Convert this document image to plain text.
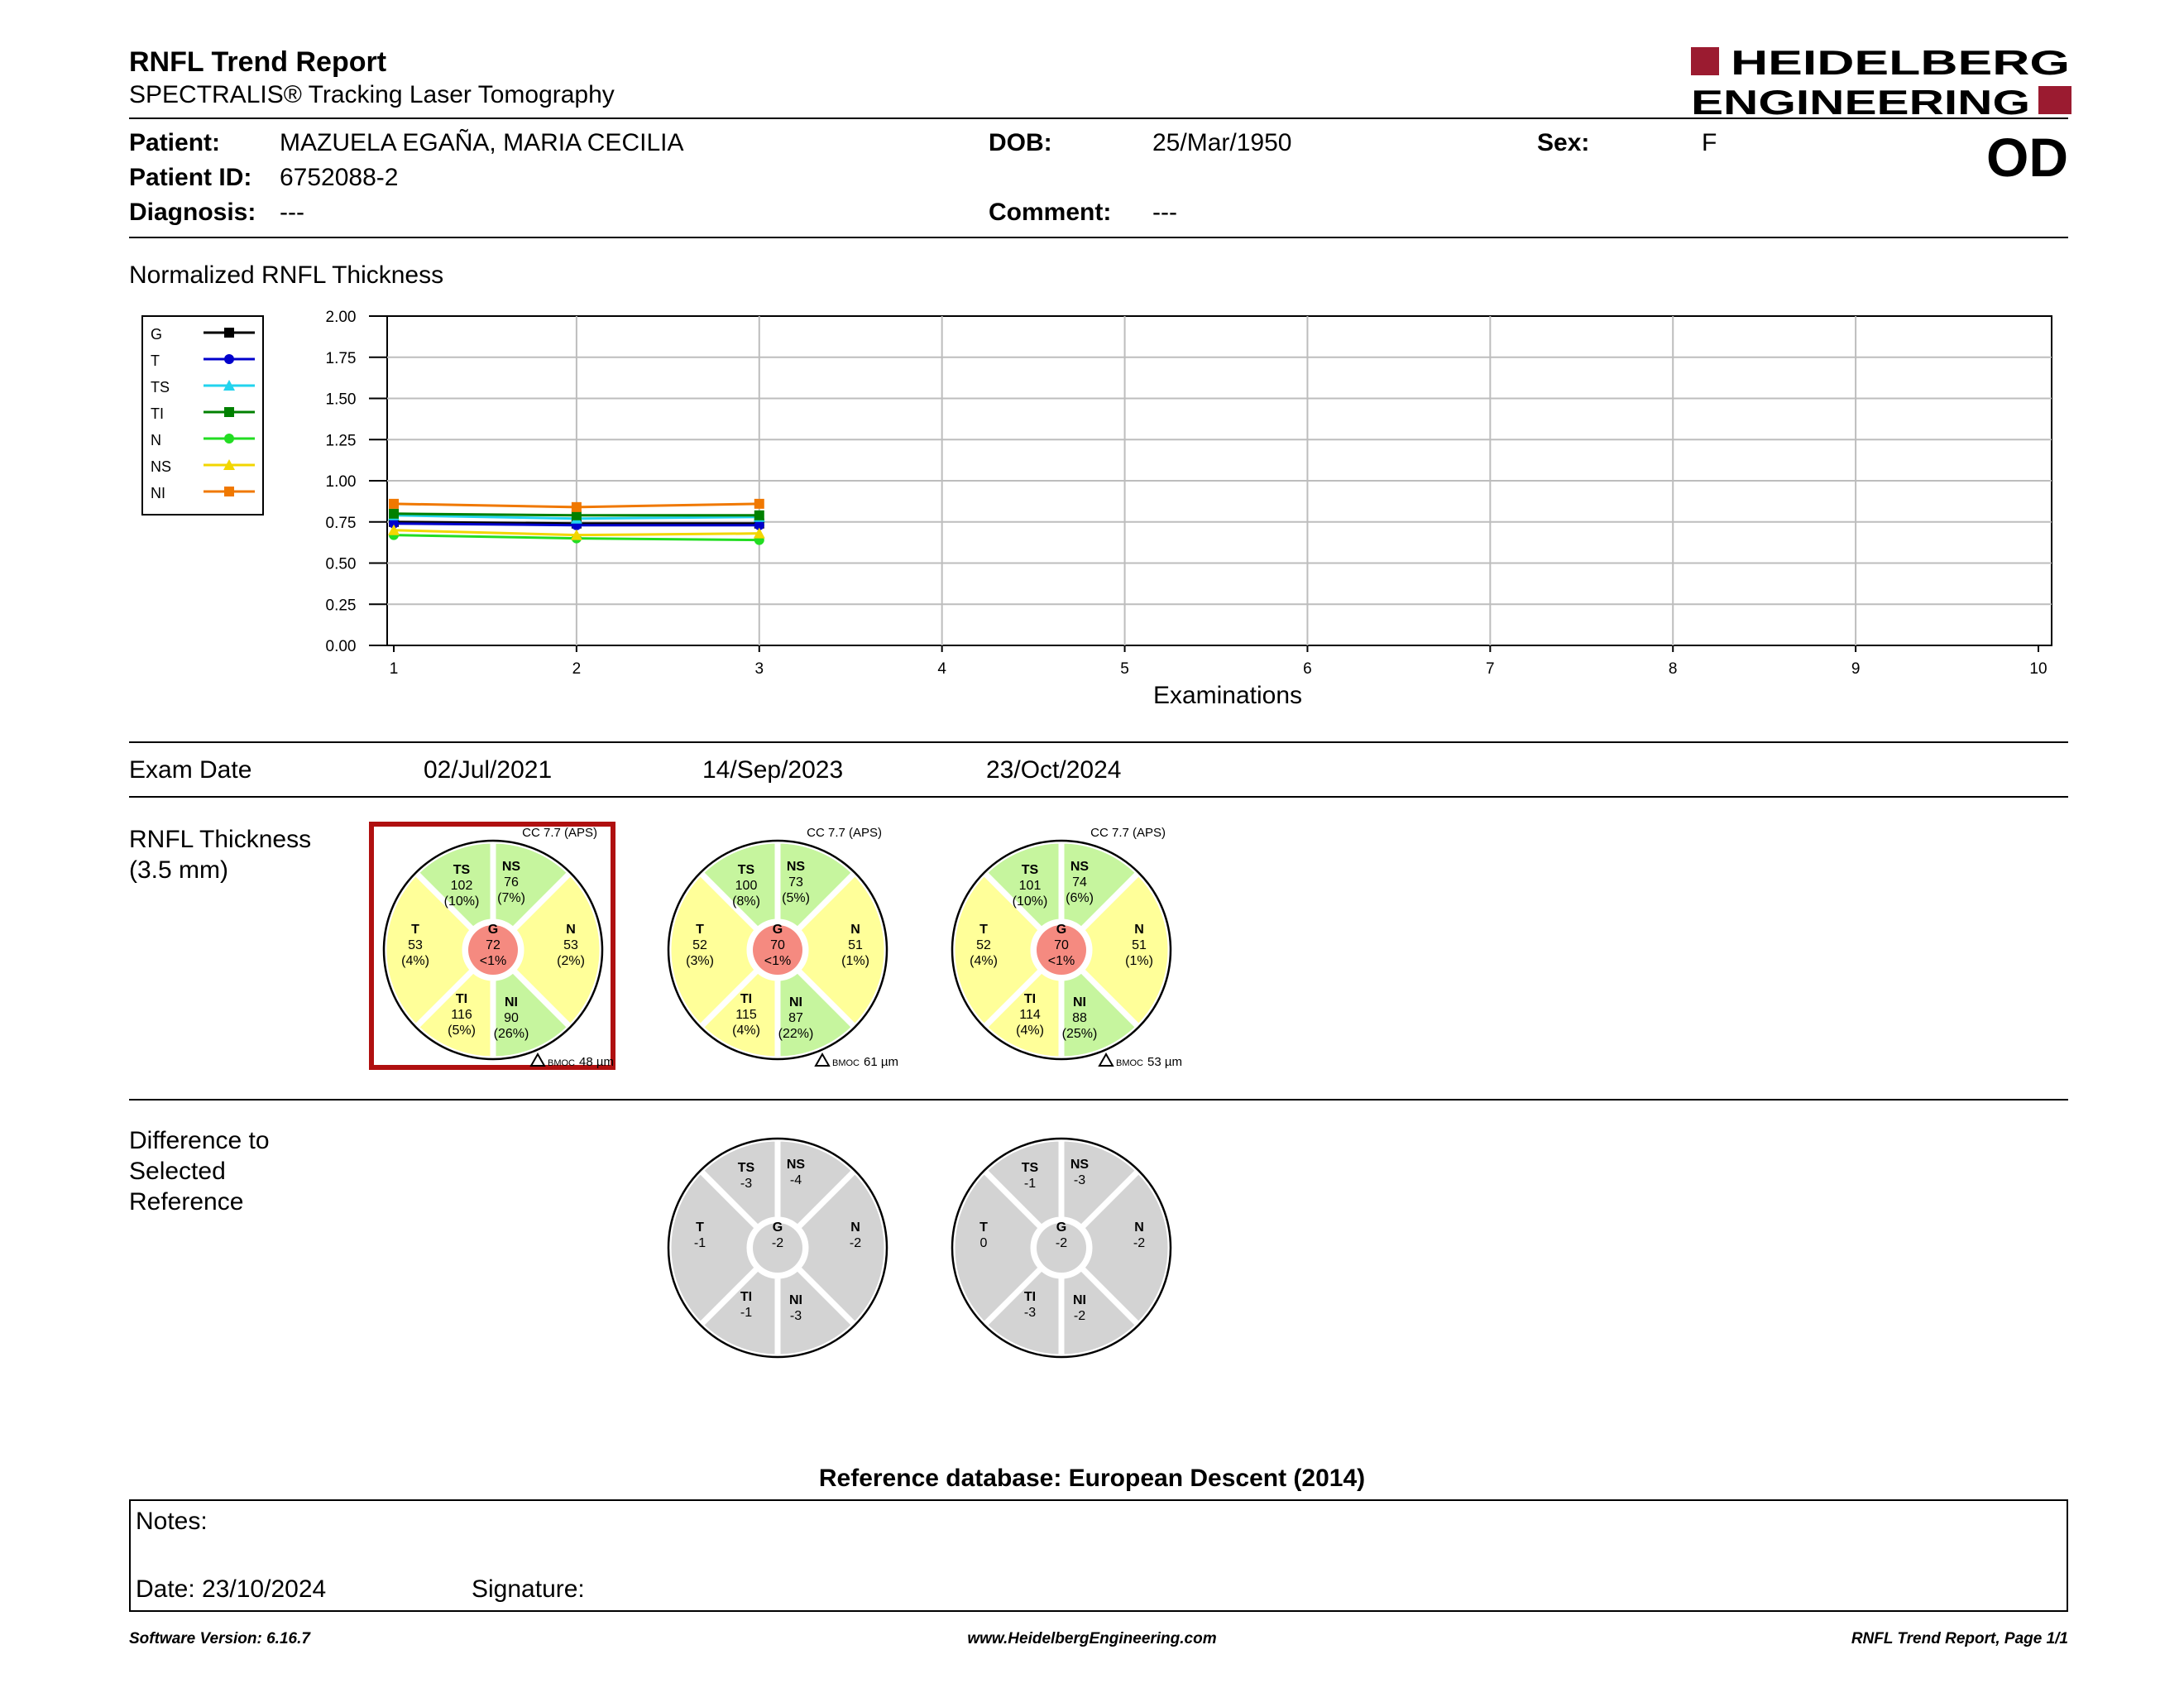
RNFL Trend Report
SPECTRALIS® Tracking Laser Tomography
HEIDELBERG
ENGINEERING
OD
Patient: MAZUELA EGAÑA, MARIA CECILIA
Patient ID: 6752088-2
Diagnosis: ---
DOB:	25/Mar/1950
Comment: ---
Sex:	F
Normalized RNFL Thickness
0.00
0.25
0.50
0.75
1.00
1.25
1.50
1.75
2.00
1	2	3	4	5	6	7	8	9	10
G
T
TS
TI
N
NS
NI
Examinations
Exam Date	02/Jul/2021	14/Sep/2023	23/Oct/2024
RNFL Thickness
(3.5 mm)	TS
102
(10%)
NS
76
(7%)
N
53
(2%)
NI
90
(26%)
TI
116
(5%)
T
53
(4%)
G
72
<1%
CC 7.7 (APS)
BMOC 48 µm
TS
100
(8%)
NS
73
(5%)
N
51
(1%)
NI
87
(22%)
TI
115
(4%)
T
52
(3%)
G
70
<1%
CC 7.7 (APS)
BMOC 61 µm
TS
101
(10%)
NS
74
(6%)
N
51
(1%)
NI
88
(25%)
TI
114
(4%)
T
52
(4%)
G
70
<1%
CC 7.7 (APS)
BMOC 53 µm
TS
-3
NS
-4
N
-2
NI
-3
TI
-1
T
-1
G
-2
TS
-1
NS
-3
N
-2
NI
-2
TI
-3
T
0
G
-2
Difference to
Selected
Reference
Reference database: European Descent (2014)
Notes:
Date: 23/10/2024	Signature:
Software Version: 6.16.7	www.HeidelbergEngineering.com	RNFL Trend Report, Page 1/1
